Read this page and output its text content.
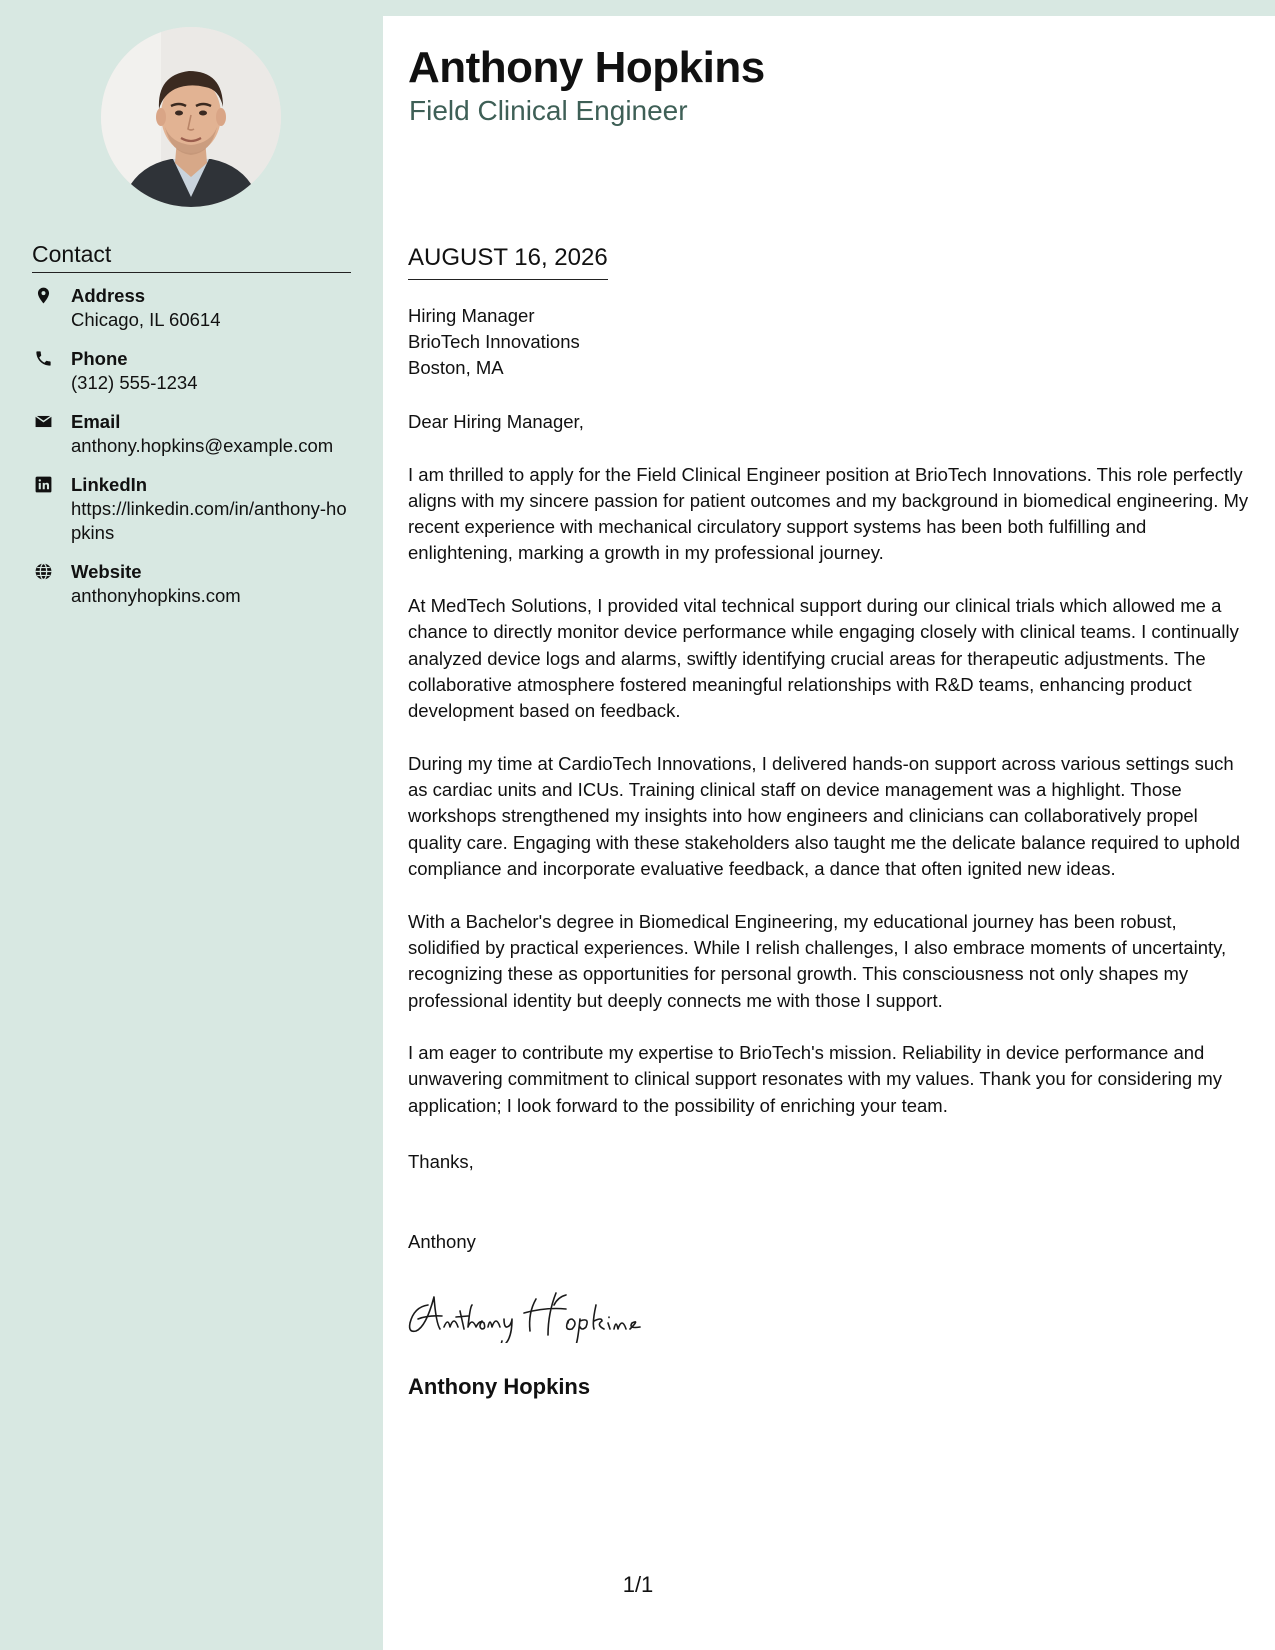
Contact
Address
Chicago, IL 60614
Phone
(312) 555-1234
Email
anthony.hopkins@example.com
LinkedIn
https://linkedin.com/in/anthony-hopkins
Website
anthonyhopkins.com
Anthony Hopkins
Field Clinical Engineer
AUGUST 16, 2026
Hiring Manager
BrioTech Innovations
Boston, MA

Dear Hiring Manager,

I am thrilled to apply for the Field Clinical Engineer position at BrioTech Innovations. This role perfectly aligns with my sincere passion for patient outcomes and my background in biomedical engineering. My recent experience with mechanical circulatory support systems has been both fulfilling and enlightening, marking a growth in my professional journey.

At MedTech Solutions, I provided vital technical support during our clinical trials which allowed me a chance to directly monitor device performance while engaging closely with clinical teams. I continually analyzed device logs and alarms, swiftly identifying crucial areas for therapeutic adjustments. The collaborative atmosphere fostered meaningful relationships with R&D teams, enhancing product development based on feedback.

During my time at CardioTech Innovations, I delivered hands-on support across various settings such as cardiac units and ICUs. Training clinical staff on device management was a highlight. Those workshops strengthened my insights into how engineers and clinicians can collaboratively propel quality care. Engaging with these stakeholders also taught me the delicate balance required to uphold compliance and incorporate evaluative feedback, a dance that often ignited new ideas.

With a Bachelor's degree in Biomedical Engineering, my educational journey has been robust, solidified by practical experiences. While I relish challenges, I also embrace moments of uncertainty, recognizing these as opportunities for personal growth. This consciousness not only shapes my professional identity but deeply connects me with those I support.

I am eager to contribute my expertise to BrioTech's mission. Reliability in device performance and unwavering commitment to clinical support resonates with my values. Thank you for considering my application; I look forward to the possibility of enriching your team.

Thanks,
Anthony
Anthony Hopkins
1/1
